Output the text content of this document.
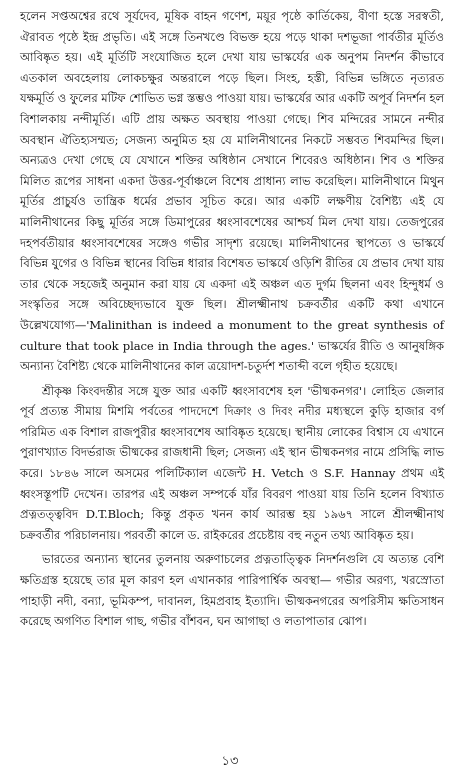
হলেন সপ্তঅশ্বের রথে সূর্যদেব, মূষিক বাহন গণেশ, ময়ূর পৃষ্ঠে কার্তিকেয়, বীণা হস্তে সরস্বতী, ঐরাবত পৃষ্ঠে ইন্দ্র প্রভৃতি। এই সঙ্গে তিনখণ্ডে বিভক্ত হয়ে পড়ে থাকা দশভূজা পার্বতীর মূর্তিও আবিষ্কৃত হয়। এই মূর্তিটি সংযোজিত হলে দেখা যায় ভাস্কর্যের এক অনুপম নিদর্শন কীভাবে এতকাল অবহেলায় লোকচক্ষুর অন্তরালে পড়ে ছিল। সিংহ, হস্তী, বিভিন্ন ভঙ্গিতে নৃত্যরত যক্ষমূর্তি ও ফুলের মটিফ শোভিত ভগ্ন স্তম্ভও পাওয়া যায়। ভাস্কর্যের আর একটি অপূর্ব নিদর্শন হল বিশালকায় নন্দীমূর্তি। এটি প্রায় অক্ষত অবস্থায় পাওয়া গেছে। শিব মন্দিরের সামনে নন্দীর অবস্থান ঐতিহ্যসম্মত; সেজন্য অনুমিত হয় যে মালিনীথানের নিকটে সম্ভবত শিবমন্দির ছিল। অন্যত্রও দেখা গেছে যে যেখানে শক্তির অধিষ্ঠান সেখানে শিবেরও অধিষ্ঠান। শিব ও শক্তির মিলিত রূপের সাধনা একদা উত্তর-পূর্বাঞ্চলে বিশেষ প্রাধান্য লাভ করেছিল। মালিনীথানে মিথুন মূর্তির প্রাচুর্যও তান্ত্রিক ধর্মের প্রভাব সূচিত করে। আর একটি লক্ষণীয় বৈশিষ্ট্য এই যে মালিনীথানের কিছু মূর্তির সঙ্গে ডিমাপুরের ধ্বংসাবশেষের আশ্চর্য মিল দেখা যায়। তেজপুরের দহপর্বতীয়ার ধ্বংসাবশেষের সঙ্গেও গভীর সাদৃশ্য রয়েছে। মালিনীথানের স্থাপত্যে ও ভাস্কর্যে বিভিন্ন যুগের ও বিভিন্ন স্থানের বিভিন্ন ধারার বিশেষত ভাস্কর্যে ওড়িশি রীতির যে প্রভাব দেখা যায় তার থেকে সহজেই অনুমান করা যায় যে একদা এই অঞ্চল এত দুর্গম ছিলনা এবং হিন্দুধর্ম ও সংস্কৃতির সঙ্গে অবিচ্ছেদ্যভাবে যুক্ত ছিল। শ্রীলক্ষ্মীনাথ চক্রবর্তীর একটি কথা এখানে উল্লেখযোগ্য—'Malinithan is indeed a monument to the great synthesis of culture that took place in India through the ages.' ভাস্কর্যের রীতি ও আনুষঙ্গিক অন্যান্য বৈশিষ্ট্য থেকে মালিনীথানের কাল ত্রয়োদশ-চতুর্দশ শতাব্দী বলে গৃহীত হয়েছে।

শ্রীকৃষ্ণ কিংবদন্তীর সঙ্গে যুক্ত আর একটি ধ্বংসাবশেষ হল 'ভীষ্মকনগর'। লোহিত জেলার পূর্ব প্রত্যন্ত সীমায় মিশমি পর্বতের পাদদেশে দিক্রাং ও দিবং নদীর মধ্যস্থলে কুড়ি হাজার বর্গ পরিমিত এক বিশাল রাজপুরীর ধ্বংসাবশেষ আবিষ্কৃত হয়েছে। স্থানীয় লোকের বিশ্বাস যে এখানে পুরাণখ্যাত বিদর্ভরাজ ভীষ্মকের রাজধানী ছিল; সেজন্য এই স্থান ভীষ্মকনগর নামে প্রসিদ্ধি লাভ করে। ১৮৪৬ সালে অসমের পলিটিক্যাল এজেন্ট H. Vetch ও S.F. Hannay প্রথম এই ধ্বংসস্তূপটি দেখেন। তারপর এই অঞ্চল সম্পর্কে যাঁর বিবরণ পাওয়া যায় তিনি হলেন বিখ্যাত প্রত্নতত্ত্ববিদ D.T.Bloch; কিন্তু প্রকৃত খনন কার্য আরম্ভ হয় ১৯৬৭ সালে শ্রীলক্ষ্মীনাথ চক্রবর্তীর পরিচালনায়। পরবর্তী কালে ড. রাইকরের প্রচেষ্টায় বহু নতুন তথ্য আবিষ্কৃত হয়।

ভারতের অন্যান্য স্থানের তুলনায় অরুণাচলের প্রত্নতাত্ত্বিক নিদর্শনগুলি যে অত্যন্ত বেশি ক্ষতিগ্রস্ত হয়েছে তার মূল কারণ হল এখানকার পারিপার্শ্বিক অবস্থা— গভীর অরণ্য, খরস্রোতা পাহাড়ী নদী, বন্যা, ভূমিকম্প, দাবানল, হিমপ্রবাহ ইত্যাদি। ভীষ্মকনগরের অপরিসীম ক্ষতিসাধন করেছে অগণিত বিশাল গাছ, গভীর বাঁশবন, ঘন আগাছা ও লতাপাতার ঝোপ।

১৩
